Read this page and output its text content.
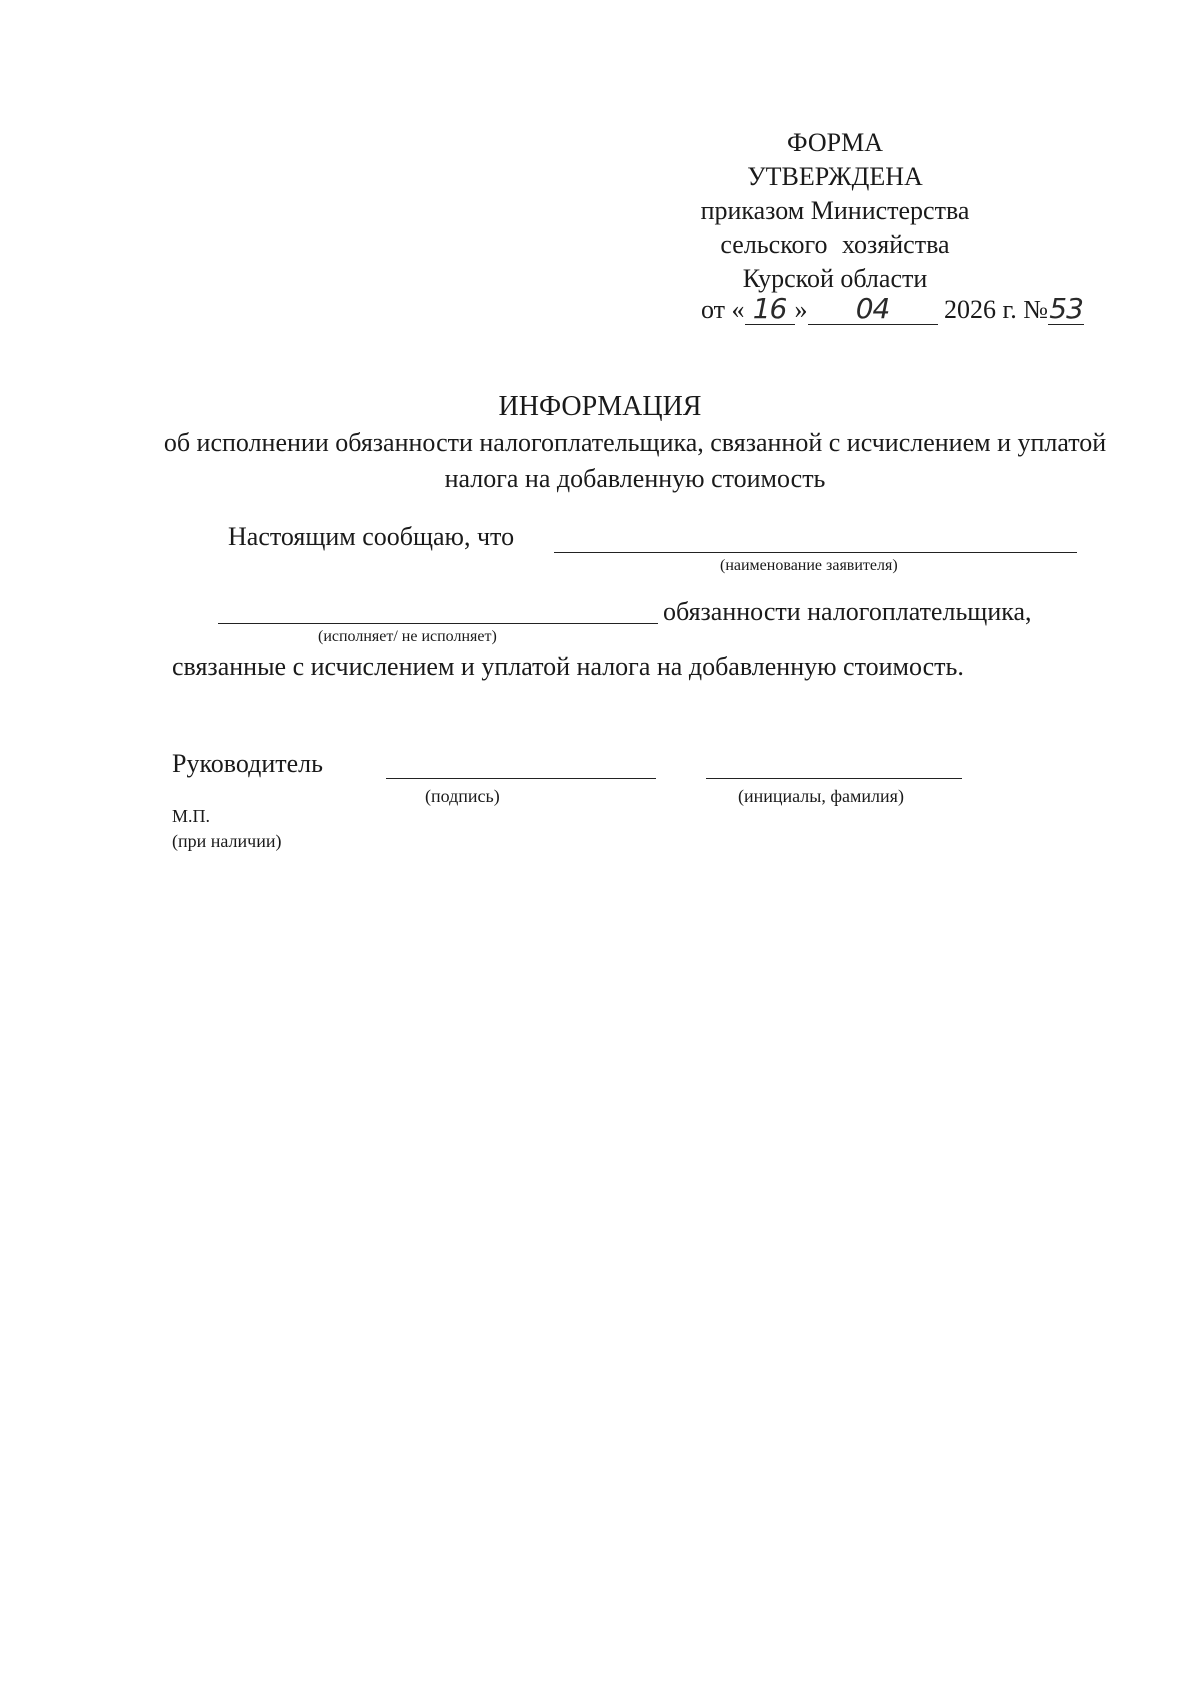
ФОРМА
УТВЕРЖДЕНА
приказом Министерства
сельского хозяйства
Курской области
от « 16 » 04 2026 г. №53
ИНФОРМАЦИЯ
об исполнении обязанности налогоплательщика, связанной с исчислением и уплатой налога на добавленную стоимость
Настоящим сообщаю, что
(наименование заявителя)
обязанности налогоплательщика,
(исполняет/ не исполняет)
связанные с исчислением и уплатой налога на добавленную стоимость.
Руководитель
(подпись)	(инициалы, фамилия)
М.П.
(при наличии)
